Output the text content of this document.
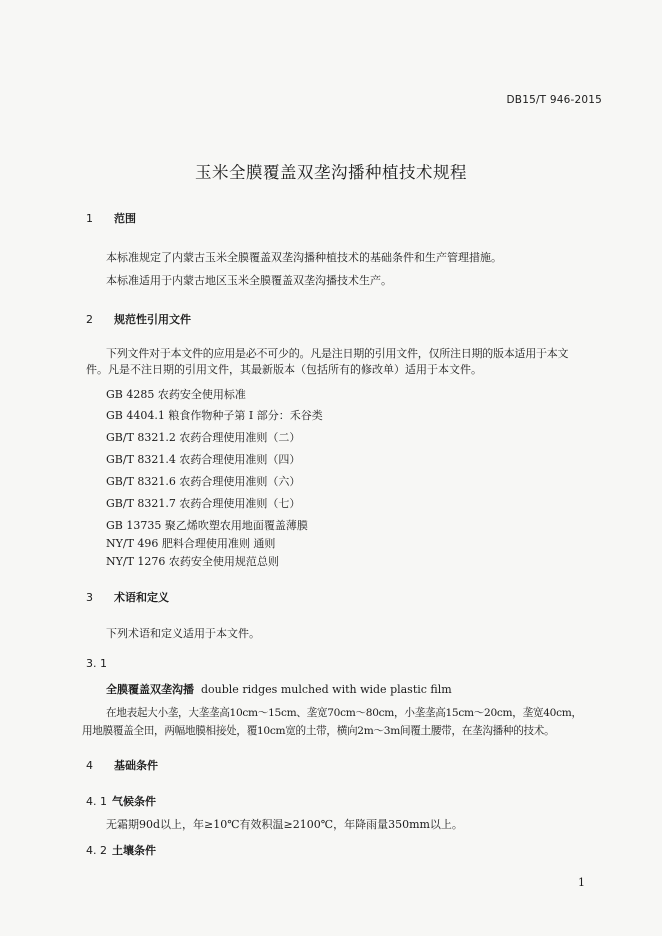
DB15/T 946-2015
玉米全膜覆盖双垄沟播种植技术规程
1 范围
本标准规定了内蒙古玉米全膜覆盖双垄沟播种植技术的基础条件和生产管理措施。
本标准适用于内蒙古地区玉米全膜覆盖双垄沟播技术生产。
2 规范性引用文件
下列文件对于本文件的应用是必不可少的。凡是注日期的引用文件，仅所注日期的版本适用于本文
件。凡是不注日期的引用文件，其最新版本（包括所有的修改单）适用于本文件。
GB 4285 农药安全使用标准
GB 4404.1 粮食作物种子第 I 部分：禾谷类
GB/T 8321.2 农药合理使用准则（二）
GB/T 8321.4 农药合理使用准则（四）
GB/T 8321.6 农药合理使用准则（六）
GB/T 8321.7 农药合理使用准则（七）
GB 13735 聚乙烯吹塑农用地面覆盖薄膜
NY/T 496 肥料合理使用准则 通则
NY/T 1276 农药安全使用规范总则
3 术语和定义
下列术语和定义适用于本文件。
3. 1
全膜覆盖双垄沟播 double ridges mulched with wide plastic film
在地表起大小垄，大垄垄高10cm～15cm、垄宽70cm～80cm，小垄垄高15cm～20cm，垄宽40cm，
用地膜覆盖全田，两幅地膜相接处，覆10cm宽的土带，横向2m～3m间覆土腰带，在垄沟播种的技术。
4 基础条件
4. 1 气候条件
无霜期90d以上，年≥10℃有效积温≥2100℃，年降雨量350mm以上。
4. 2 土壤条件
1
